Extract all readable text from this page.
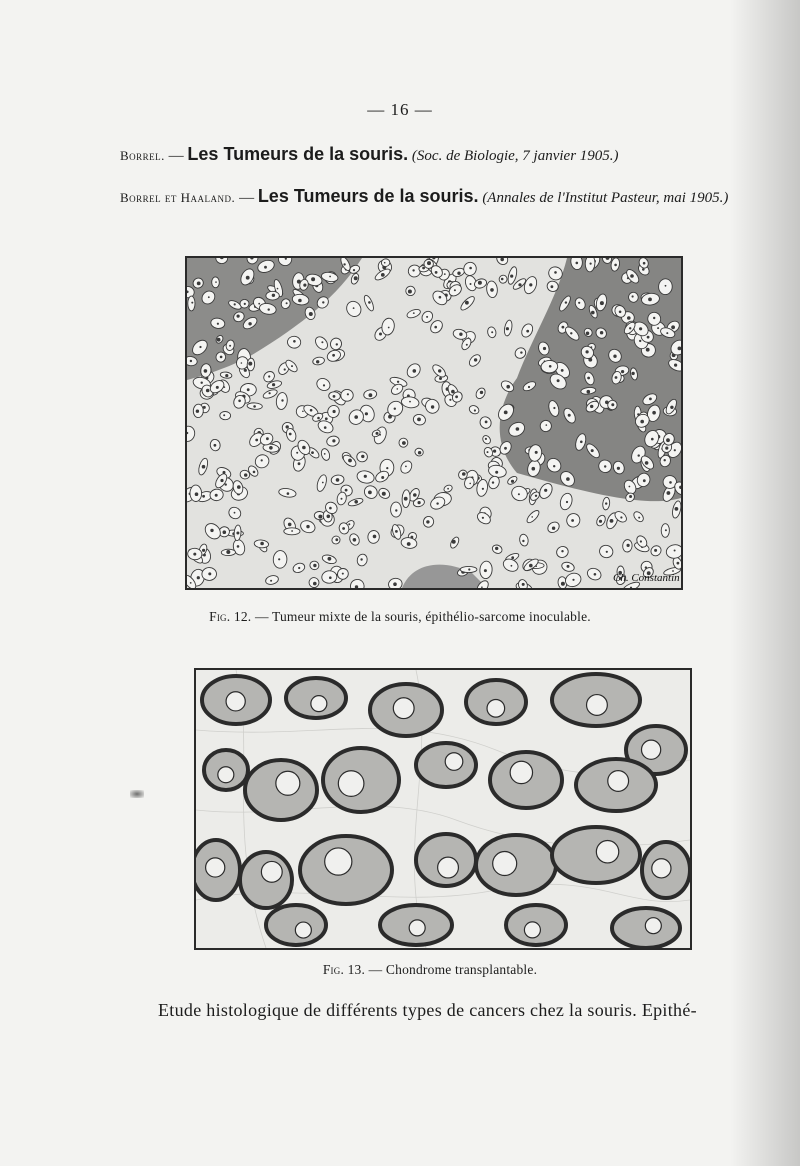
— 16 —
Borrel. — Les Tumeurs de la souris. (Soc. de Biologie, 7 janvier 1905.)
Borrel et Haaland. — Les Tumeurs de la souris. (Annales de l'Institut Pasteur, mai 1905.)
Ch. Constantin
Fig. 12. — Tumeur mixte de la souris, épithélio-sarcome inoculable.
Fig. 13. — Chondrome transplantable.
Etude histologique de différents types de cancers chez la souris. Epithé-
